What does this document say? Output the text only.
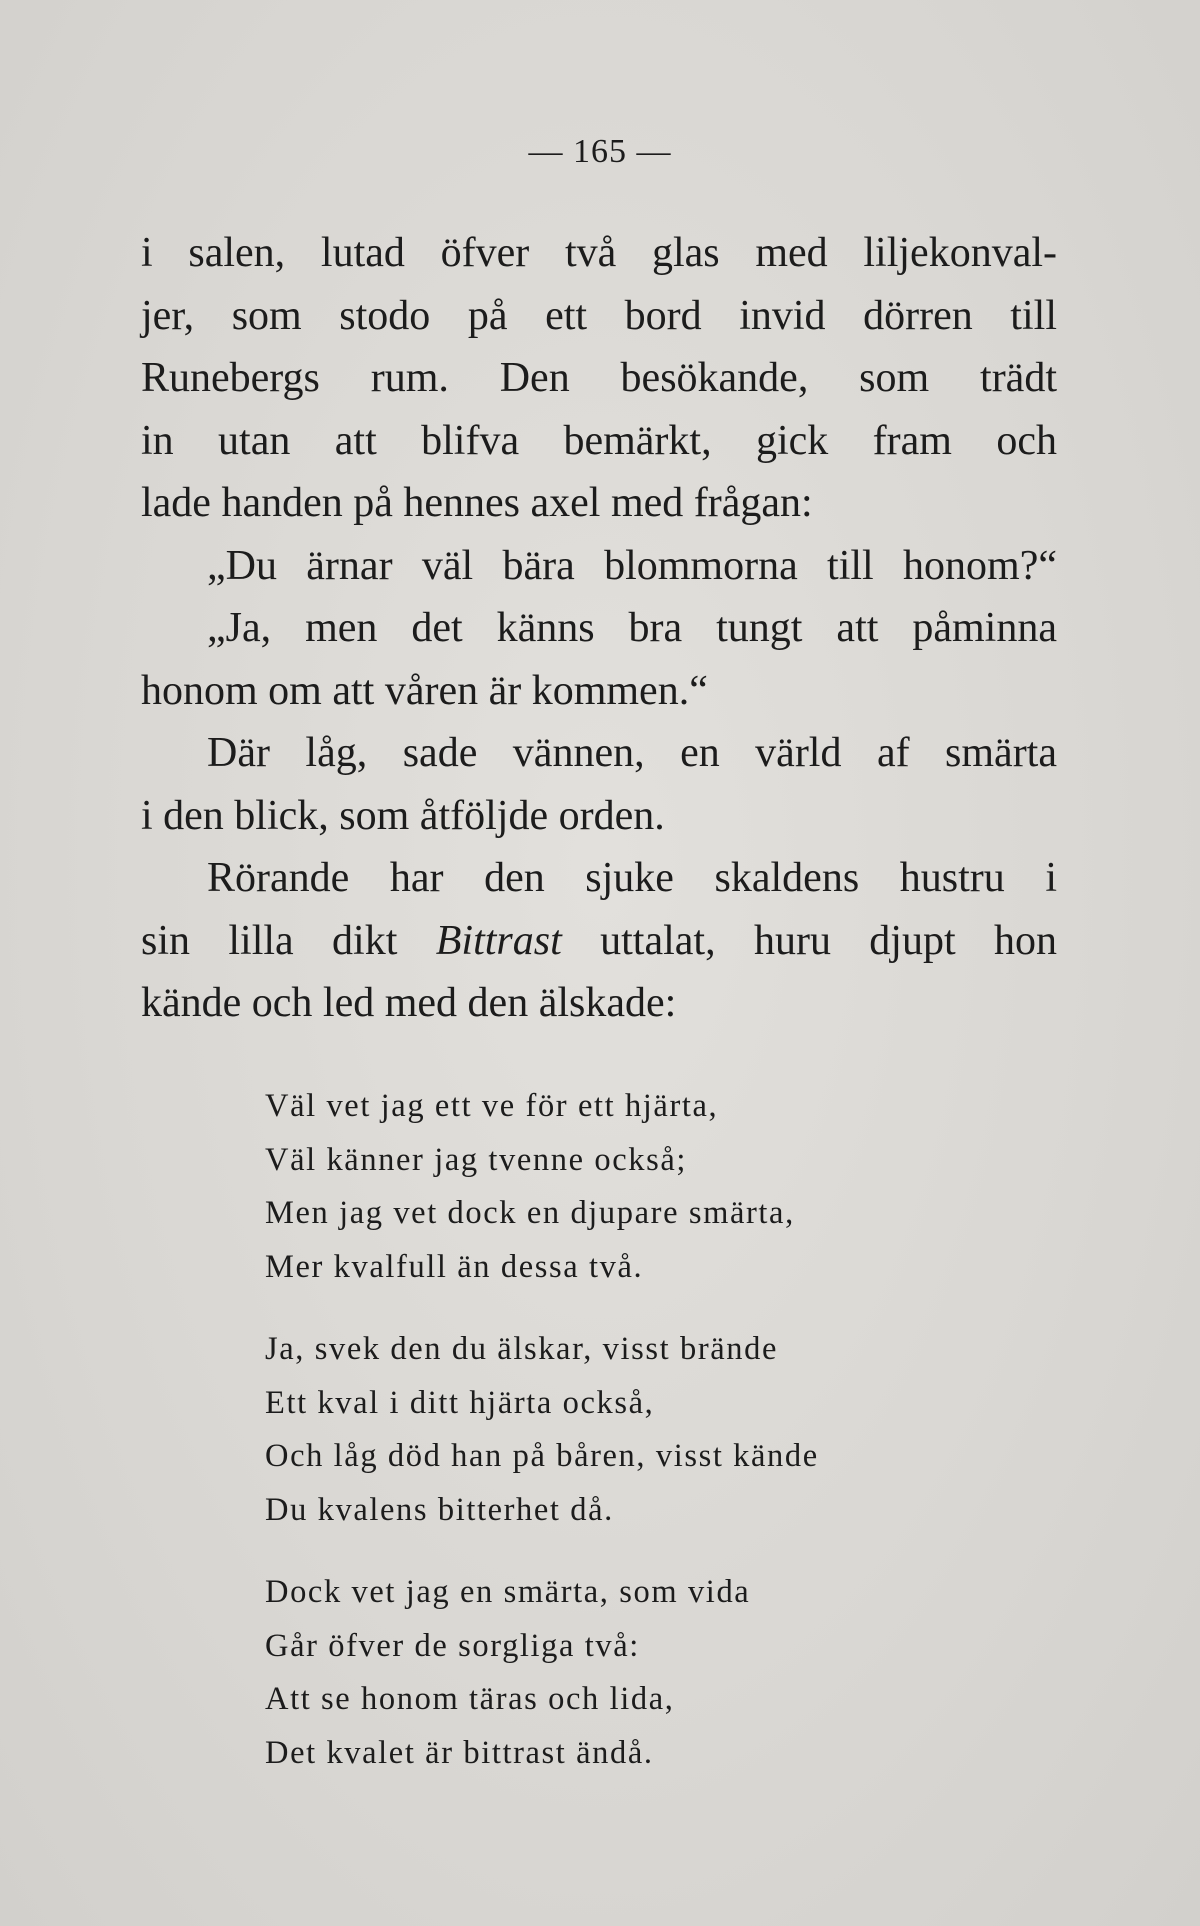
— 165 —
i salen, lutad öfver två glas med liljekonval-
jer, som stodo på ett bord invid dörren till
Runebergs rum. Den besökande, som trädt
in utan att blifva bemärkt, gick fram och
lade handen på hennes axel med frågan:
„Du ärnar väl bära blommorna till honom?“
„Ja, men det känns bra tungt att påminna
honom om att våren är kommen.“
Där låg, sade vännen, en värld af smärta
i den blick, som åtföljde orden.
Rörande har den sjuke skaldens hustru i
sin lilla dikt Bittrast uttalat, huru djupt hon
kände och led med den älskade:
Väl vet jag ett ve för ett hjärta,
Väl känner jag tvenne också;
Men jag vet dock en djupare smärta,
Mer kvalfull än dessa två.
Ja, svek den du älskar, visst brände
Ett kval i ditt hjärta också,
Och låg död han på båren, visst kände
Du kvalens bitterhet då.
Dock vet jag en smärta, som vida
Går öfver de sorgliga två:
Att se honom täras och lida,
Det kvalet är bittrast ändå.
